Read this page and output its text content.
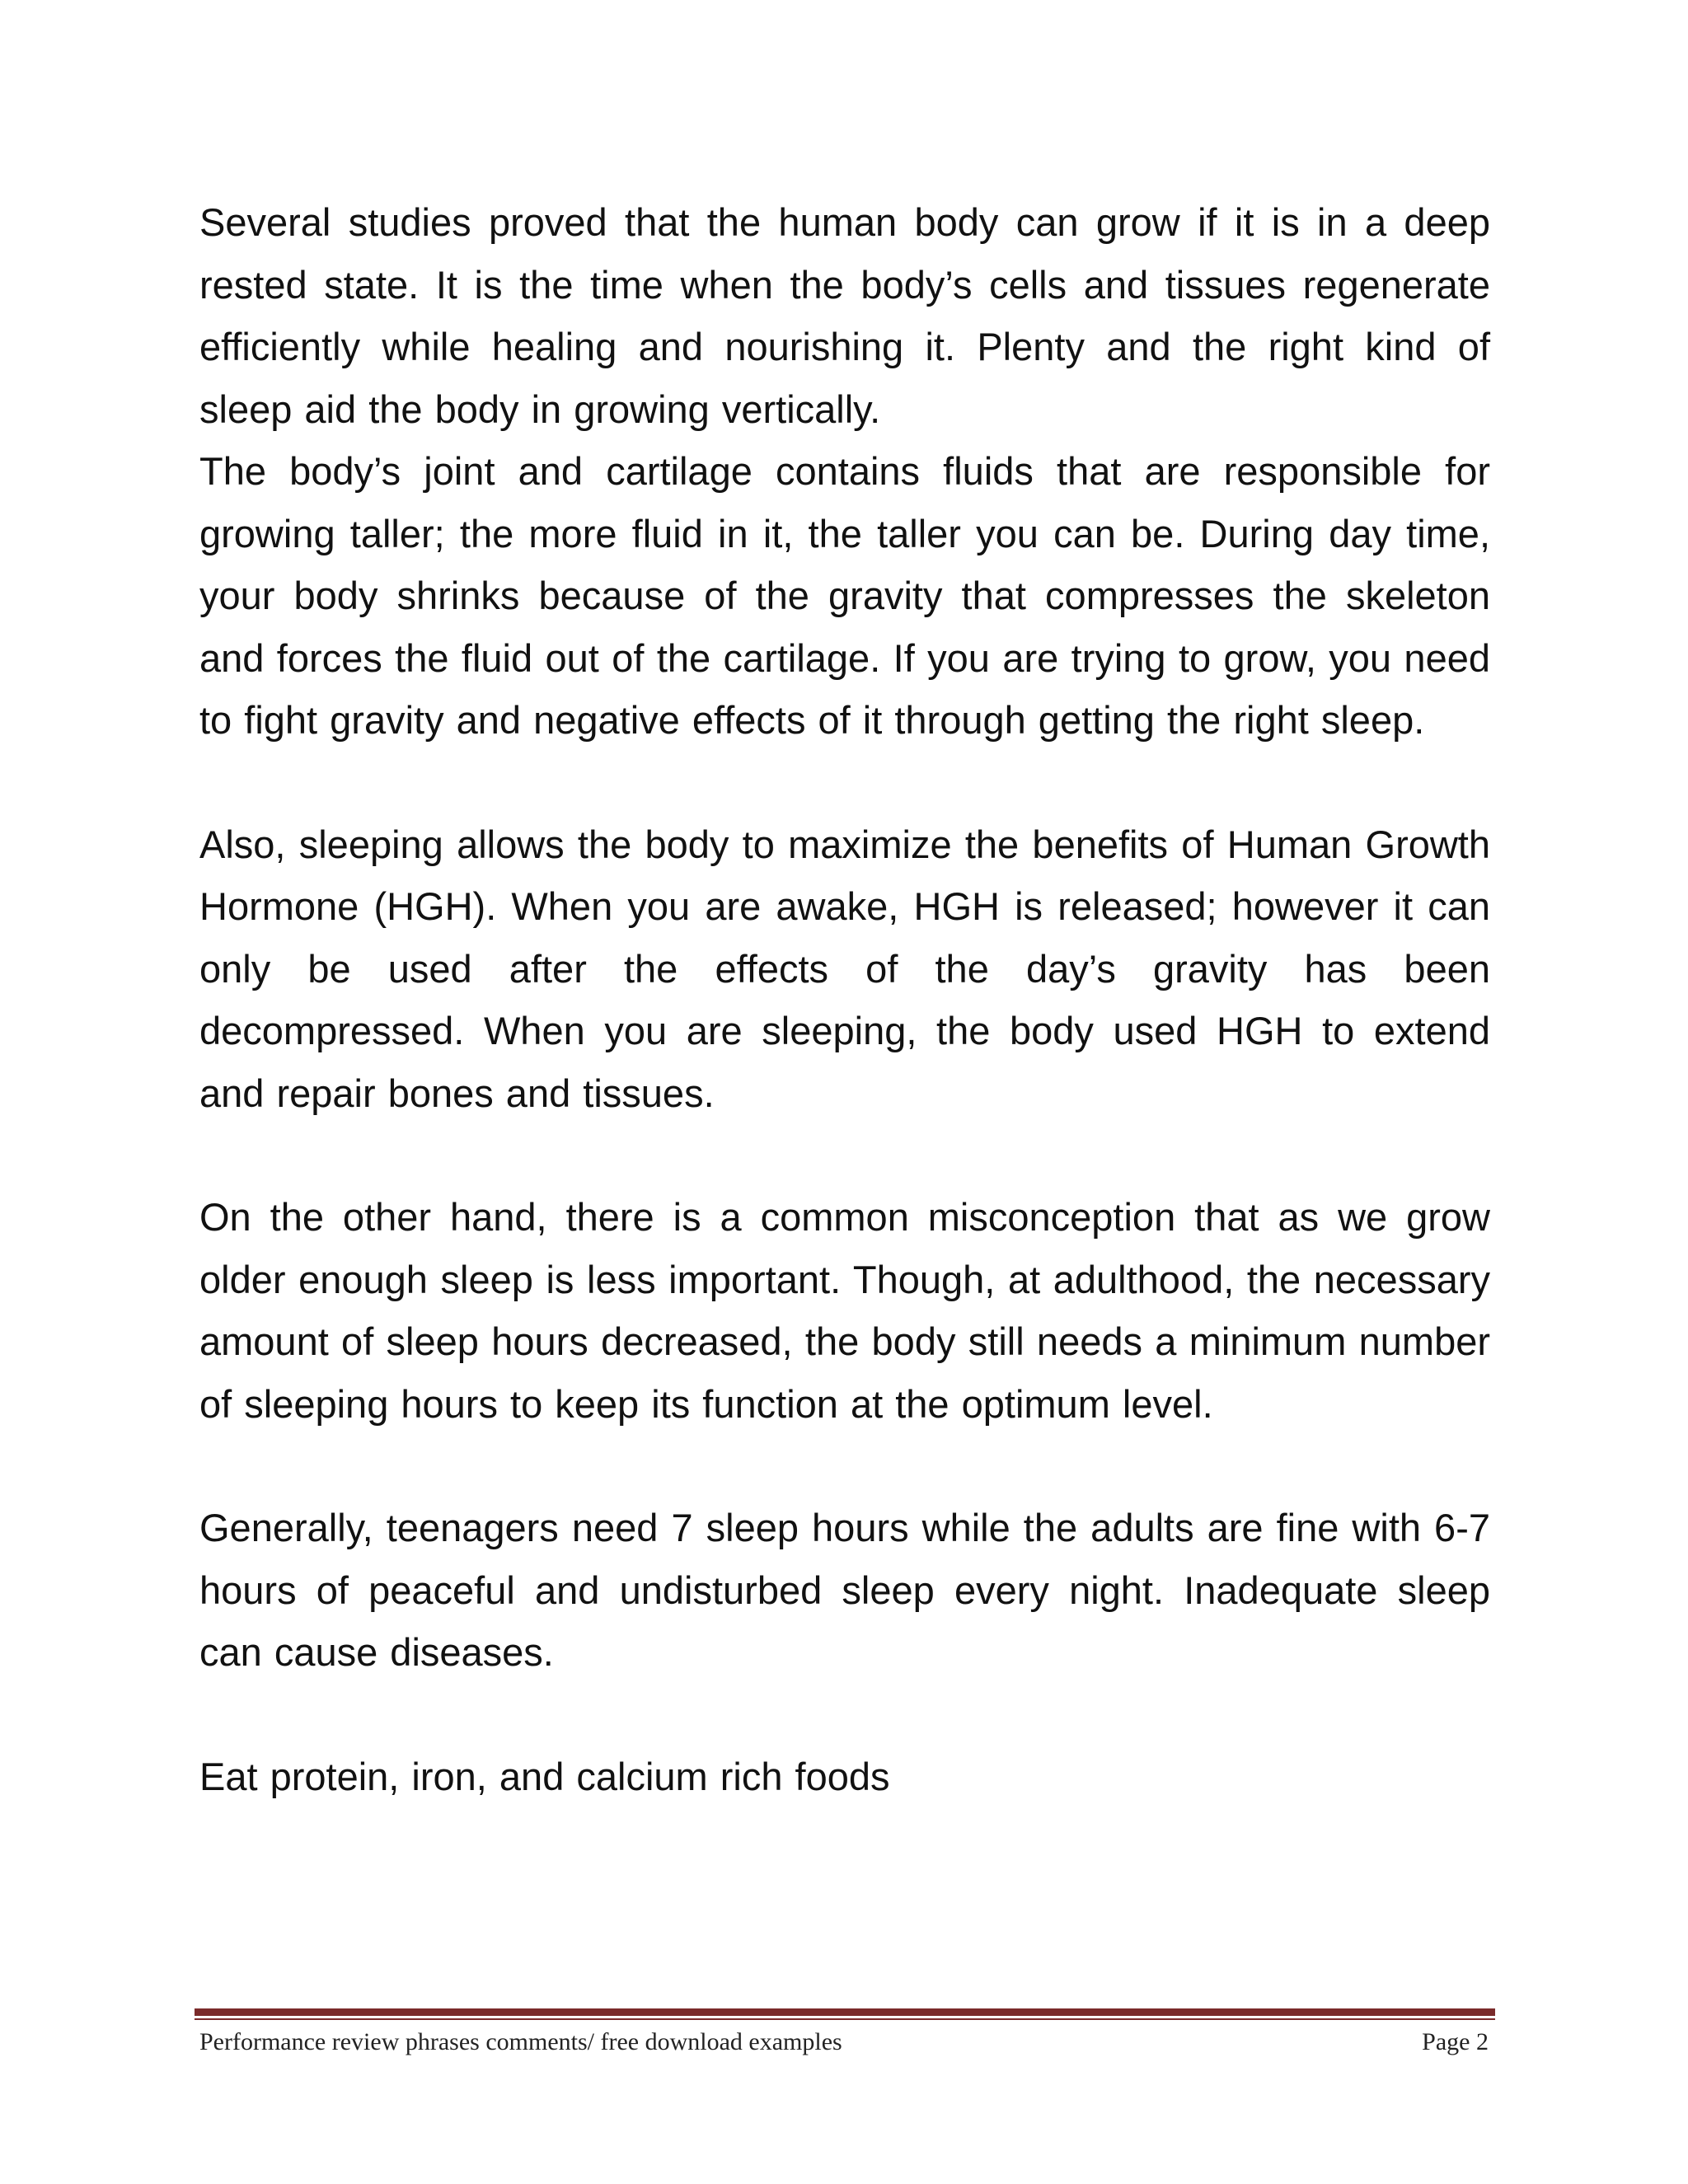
Several studies proved that the human body can grow if it is in a deep rested state. It is the time when the body’s cells and tissues regenerate efficiently while healing and nourishing it. Plenty and the right kind of sleep aid the body in growing vertically.

The body’s joint and cartilage contains fluids that are responsible for growing taller; the more fluid in it, the taller you can be. During day time, your body shrinks because of the gravity that compresses the skeleton and forces the fluid out of the cartilage. If you are trying to grow, you need to fight gravity and negative effects of it through getting the right sleep.

Also, sleeping allows the body to maximize the benefits of Human Growth Hormone (HGH). When you are awake, HGH is released; however it can only be used after the effects of the day’s gravity has been decompressed. When you are sleeping, the body used HGH to extend and repair bones and tissues.

On the other hand, there is a common misconception that as we grow older enough sleep is less important. Though, at adulthood, the necessary amount of sleep hours decreased, the body still needs a minimum number of sleeping hours to keep its function at the optimum level.

Generally, teenagers need 7 sleep hours while the adults are fine with 6-7 hours of peaceful and undisturbed sleep every night. Inadequate sleep can cause diseases.

Eat protein, iron, and calcium rich foods

Performance review phrases comments/ free download examples	Page 2
